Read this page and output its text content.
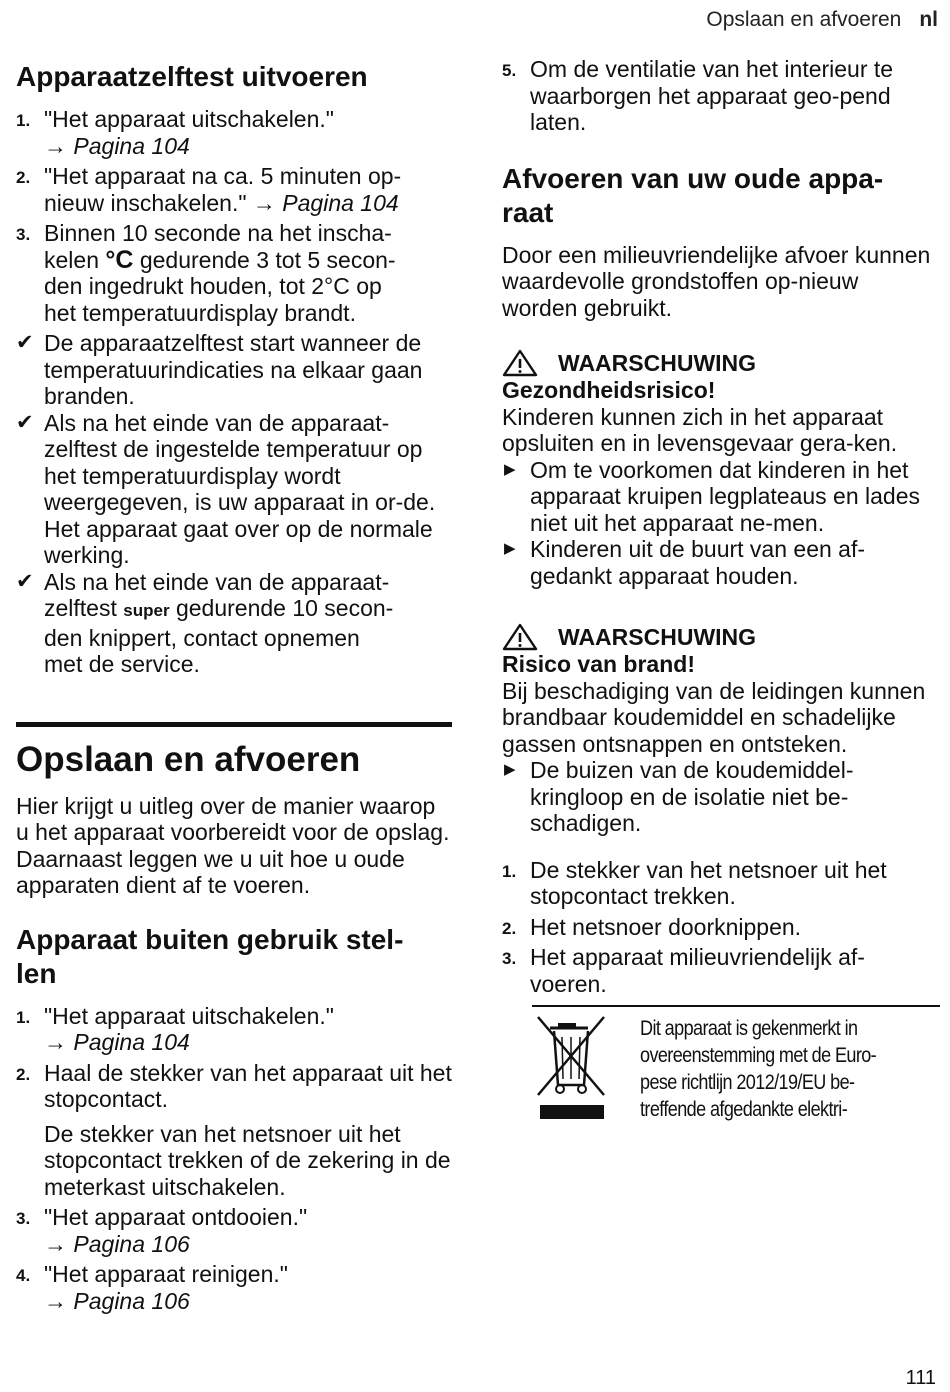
Opslaan en afvoeren nl
Apparaatzelftest uitvoeren
1. "Het apparaat uitschakelen."
→ Pagina 104
2. "Het apparaat na ca. 5 minuten op-
nieuw inschakelen." → Pagina 104
3. Binnen 10 seconde na het inscha-
kelen °C gedurende 3 tot 5 secon-
den ingedrukt houden, tot 2°C op
het temperatuurdisplay brandt.
✔ De apparaatzelftest start wanneer de temperatuurindicaties na elkaar gaan branden.
✔ Als na het einde van de apparaat-zelftest de ingestelde temperatuur op het temperatuurdisplay wordt weergegeven, is uw apparaat in or-de. Het apparaat gaat over op de normale werking.
✔ Als na het einde van de apparaat-
zelftest super gedurende 10 secon-
den knippert, contact opnemen
met de service.
Opslaan en afvoeren

Hier krijgt u uitleg over de manier waarop u het apparaat voorbereidt voor de opslag. Daarnaast leggen we u uit hoe u oude apparaten dient af te voeren.

Apparaat buiten gebruik stel-
len
1. "Het apparaat uitschakelen."
→ Pagina 104
2. Haal de stekker van het apparaat uit het stopcontact.

De stekker van het netsnoer uit het stopcontact trekken of de zekering in de meterkast uitschakelen.

3. "Het apparaat ontdooien."
→ Pagina 106
4. "Het apparaat reinigen."
→ Pagina 106
5. Om de ventilatie van het interieur te waarborgen het apparaat geo-pend laten.
Afvoeren van uw oude appa-
raat

Door een milieuvriendelijke afvoer kunnen waardevolle grondstoffen op-nieuw worden gebruikt.

WAARSCHUWING
Gezondheidsrisico!

Kinderen kunnen zich in het apparaat opsluiten en in levensgevaar gera-ken.

▶ Om te voorkomen dat kinderen in het apparaat kruipen legplateaus en lades niet uit het apparaat ne-men.
▶ Kinderen uit de buurt van een af-gedankt apparaat houden.
WAARSCHUWING
Risico van brand!

Bij beschadiging van de leidingen kunnen brandbaar koudemiddel en schadelijke gassen ontsnappen en ontsteken.

▶ De buizen van de koudemiddel-kringloop en de isolatie niet be-schadigen.
1. De stekker van het netsnoer uit het stopcontact trekken.
2. Het netsnoer doorknippen.
3. Het apparaat milieuvriendelijk af-voeren.
Dit apparaat is gekenmerkt in overeenstemming met de Euro-pese richtlijn 2012/19/EU be-treffende afgedankte elektri-
111
